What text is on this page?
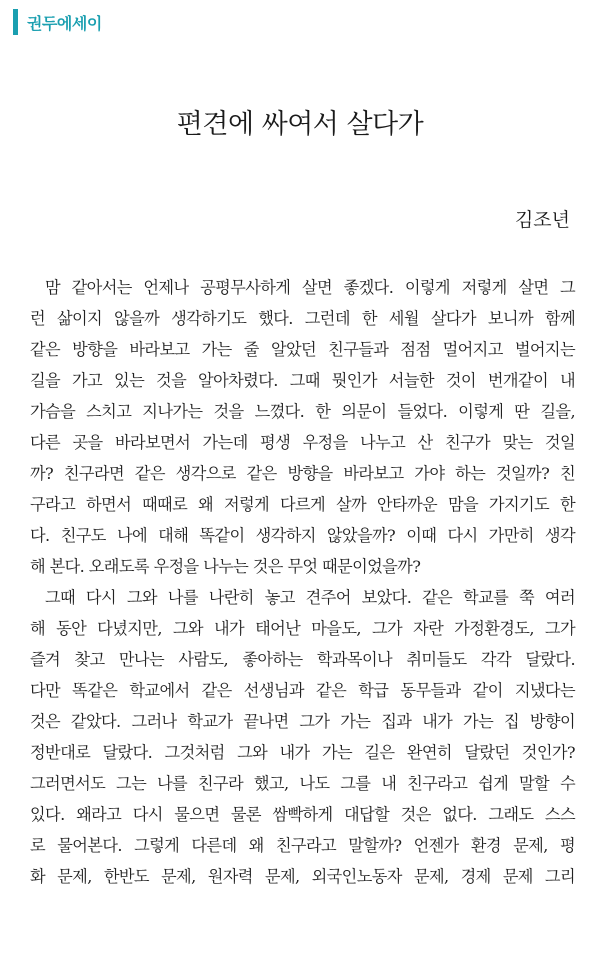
권두에세이
편견에 싸여서 살다가
김조년

맘 같아서는 언제나 공평무사하게 살면 좋겠다. 이렇게 저렇게 살면 그
런 삶이지 않을까 생각하기도 했다. 그런데 한 세월 살다가 보니까 함께
같은 방향을 바라보고 가는 줄 알았던 친구들과 점점 멀어지고 벌어지는
길을 가고 있는 것을 알아차렸다. 그때 뭣인가 서늘한 것이 번개같이 내
가슴을 스치고 지나가는 것을 느꼈다. 한 의문이 들었다. 이렇게 딴 길을,
다른 곳을 바라보면서 가는데 평생 우정을 나누고 산 친구가 맞는 것일
까? 친구라면 같은 생각으로 같은 방향을 바라보고 가야 하는 것일까? 친
구라고 하면서 때때로 왜 저렇게 다르게 살까 안타까운 맘을 가지기도 한
다. 친구도 나에 대해 똑같이 생각하지 않았을까? 이때 다시 가만히 생각
해 본다. 오래도록 우정을 나누는 것은 무엇 때문이었을까?

그때 다시 그와 나를 나란히 놓고 견주어 보았다. 같은 학교를 쭉 여러
해 동안 다녔지만, 그와 내가 태어난 마을도, 그가 자란 가정환경도, 그가
즐겨 찾고 만나는 사람도, 좋아하는 학과목이나 취미들도 각각 달랐다.
다만 똑같은 학교에서 같은 선생님과 같은 학급 동무들과 같이 지냈다는
것은 같았다. 그러나 학교가 끝나면 그가 가는 집과 내가 가는 집 방향이
정반대로 달랐다. 그것처럼 그와 내가 가는 길은 완연히 달랐던 것인가?
그러면서도 그는 나를 친구라 했고, 나도 그를 내 친구라고 쉽게 말할 수
있다. 왜라고 다시 물으면 물론 쌈빡하게 대답할 것은 없다. 그래도 스스
로 물어본다. 그렇게 다른데 왜 친구라고 말할까? 언젠가 환경 문제, 평
화 문제, 한반도 문제, 원자력 문제, 외국인노동자 문제, 경제 문제 그리
